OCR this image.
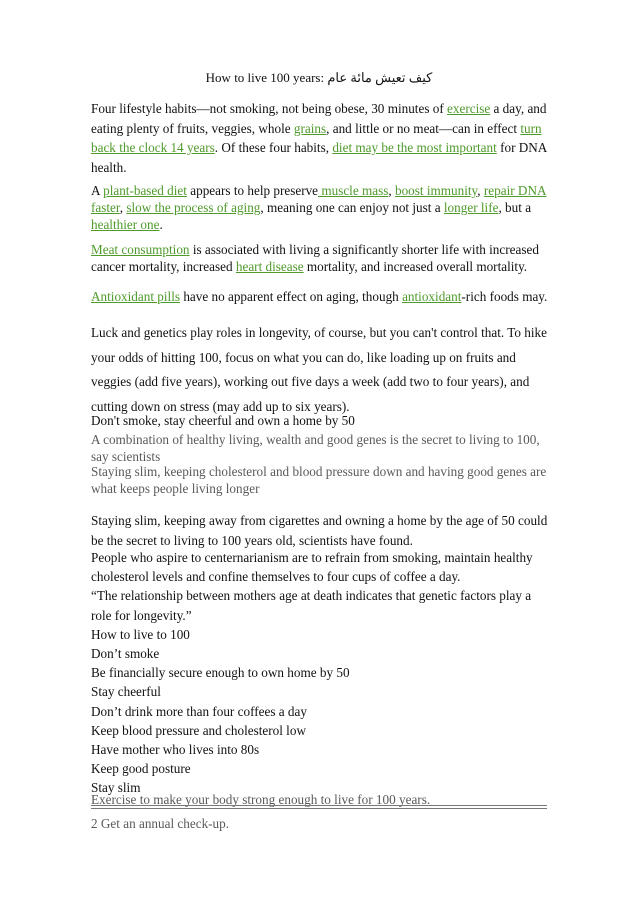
How to live 100 years: كيف تعيش مائة عام
Four lifestyle habits—not smoking, not being obese, 30 minutes of exercise a day, and eating plenty of fruits, veggies, whole grains, and little or no meat—can in effect turn back the clock 14 years. Of these four habits, diet may be the most important for DNA health.
A plant-based diet appears to help preserve muscle mass, boost immunity, repair DNA faster, slow the process of aging, meaning one can enjoy not just a longer life, but a healthier one.
Meat consumption is associated with living a significantly shorter life with increased cancer mortality, increased heart disease mortality, and increased overall mortality.
Antioxidant pills have no apparent effect on aging, though antioxidant-rich foods may.
Luck and genetics play roles in longevity, of course, but you can't control that. To hike your odds of hitting 100, focus on what you can do, like loading up on fruits and veggies (add five years), working out five days a week (add two to four years), and cutting down on stress (may add up to six years).
Don't smoke, stay cheerful and own a home by 50
A combination of healthy living, wealth and good genes is the secret to living to 100, say scientists
Staying slim, keeping cholesterol and blood pressure down and having good genes are what keeps people living longer
Staying slim, keeping away from cigarettes and owning a home by the age of 50 could be the secret to living to 100 years old, scientists have found.
People who aspire to centernarianism are to refrain from smoking, maintain healthy cholesterol levels and confine themselves to four cups of coffee a day.
“The relationship between mothers age at death indicates that genetic factors play a role for longevity.”
How to live to 100
Don’t smoke
Be financially secure enough to own home by 50
Stay cheerful
Don’t drink more than four coffees a day
Keep blood pressure and cholesterol low
Have mother who lives into 80s
Keep good posture
Stay slim
Exercise to make your body strong enough to live for 100 years.
2 Get an annual check-up.
